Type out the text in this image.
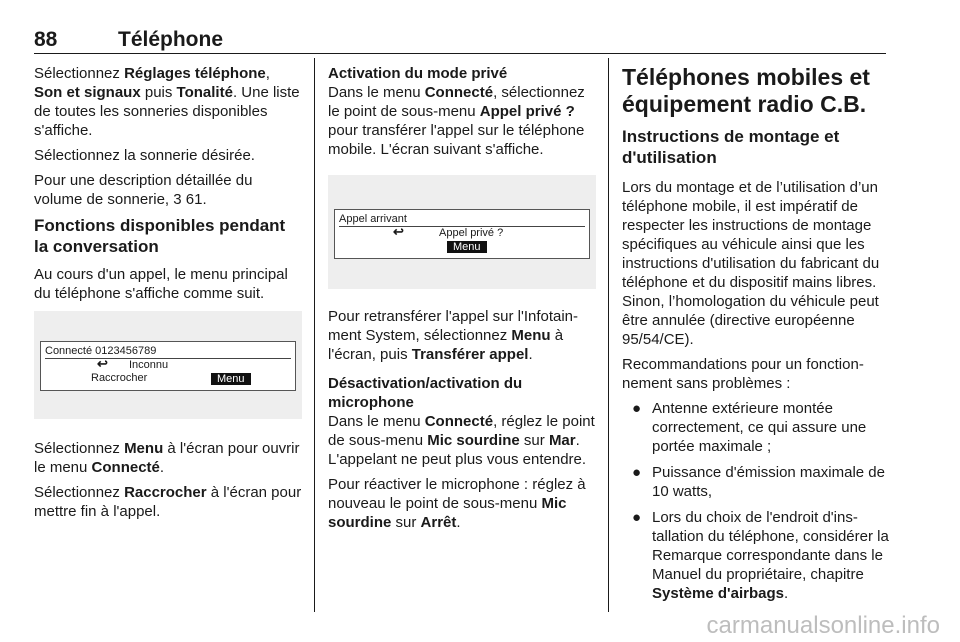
88	Téléphone

Sélectionnez Réglages téléphone, Son et signaux puis Tonalité. Une liste de toutes les sonneries disponibles s'affiche.

Sélectionnez la sonnerie désirée.

Pour une description détaillée du volume de sonnerie, 3 61.

Fonctions disponibles pendant la conversation

Au cours d'un appel, le menu principal du téléphone s'affiche comme suit.

Connecté 0123456789
↩︎ Inconnu
Raccrocher	Menu

Sélectionnez Menu à l'écran pour ouvrir le menu Connecté.

Sélectionnez Raccrocher à l'écran pour mettre fin à l'appel.

Activation du mode privé

Dans le menu Connecté, sélectionnez le point de sous-menu Appel privé ? pour transférer l'appel sur le téléphone mobile. L'écran suivant s'affiche.

Appel arrivant
↩︎	Appel privé ?
Menu

Pour retransférer l'appel sur l'Infotainment System, sélectionnez Menu à l'écran, puis Transférer appel.

Désactivation/activation du microphone

Dans le menu Connecté, réglez le point de sous-menu Mic sourdine sur Mar. L'appelant ne peut plus vous entendre.

Pour réactiver le microphone : réglez à nouveau le point de sous-menu Mic sourdine sur Arrêt.

Téléphones mobiles et équipement radio C.B.
Instructions de montage et d'utilisation

Lors du montage et de l’utilisation d’un téléphone mobile, il est impératif de respecter les instructions de montage spécifiques au véhicule ainsi que les instructions d'utilisation du fabricant du téléphone et du dispositif mains libres. Sinon, l’homologation du véhicule peut être annulée (directive européenne 95/54/CE).

Recommandations pour un fonctionnement sans problèmes :

● Antenne extérieure montée correctement, ce qui assure une portée maximale ;
● Puissance d'émission maximale de 10 watts,
● Lors du choix de l'endroit d'installation du téléphone, considérer la Remarque correspondante dans le Manuel du propriétaire, chapitre Système d'airbags.
carmanualsonline.info
